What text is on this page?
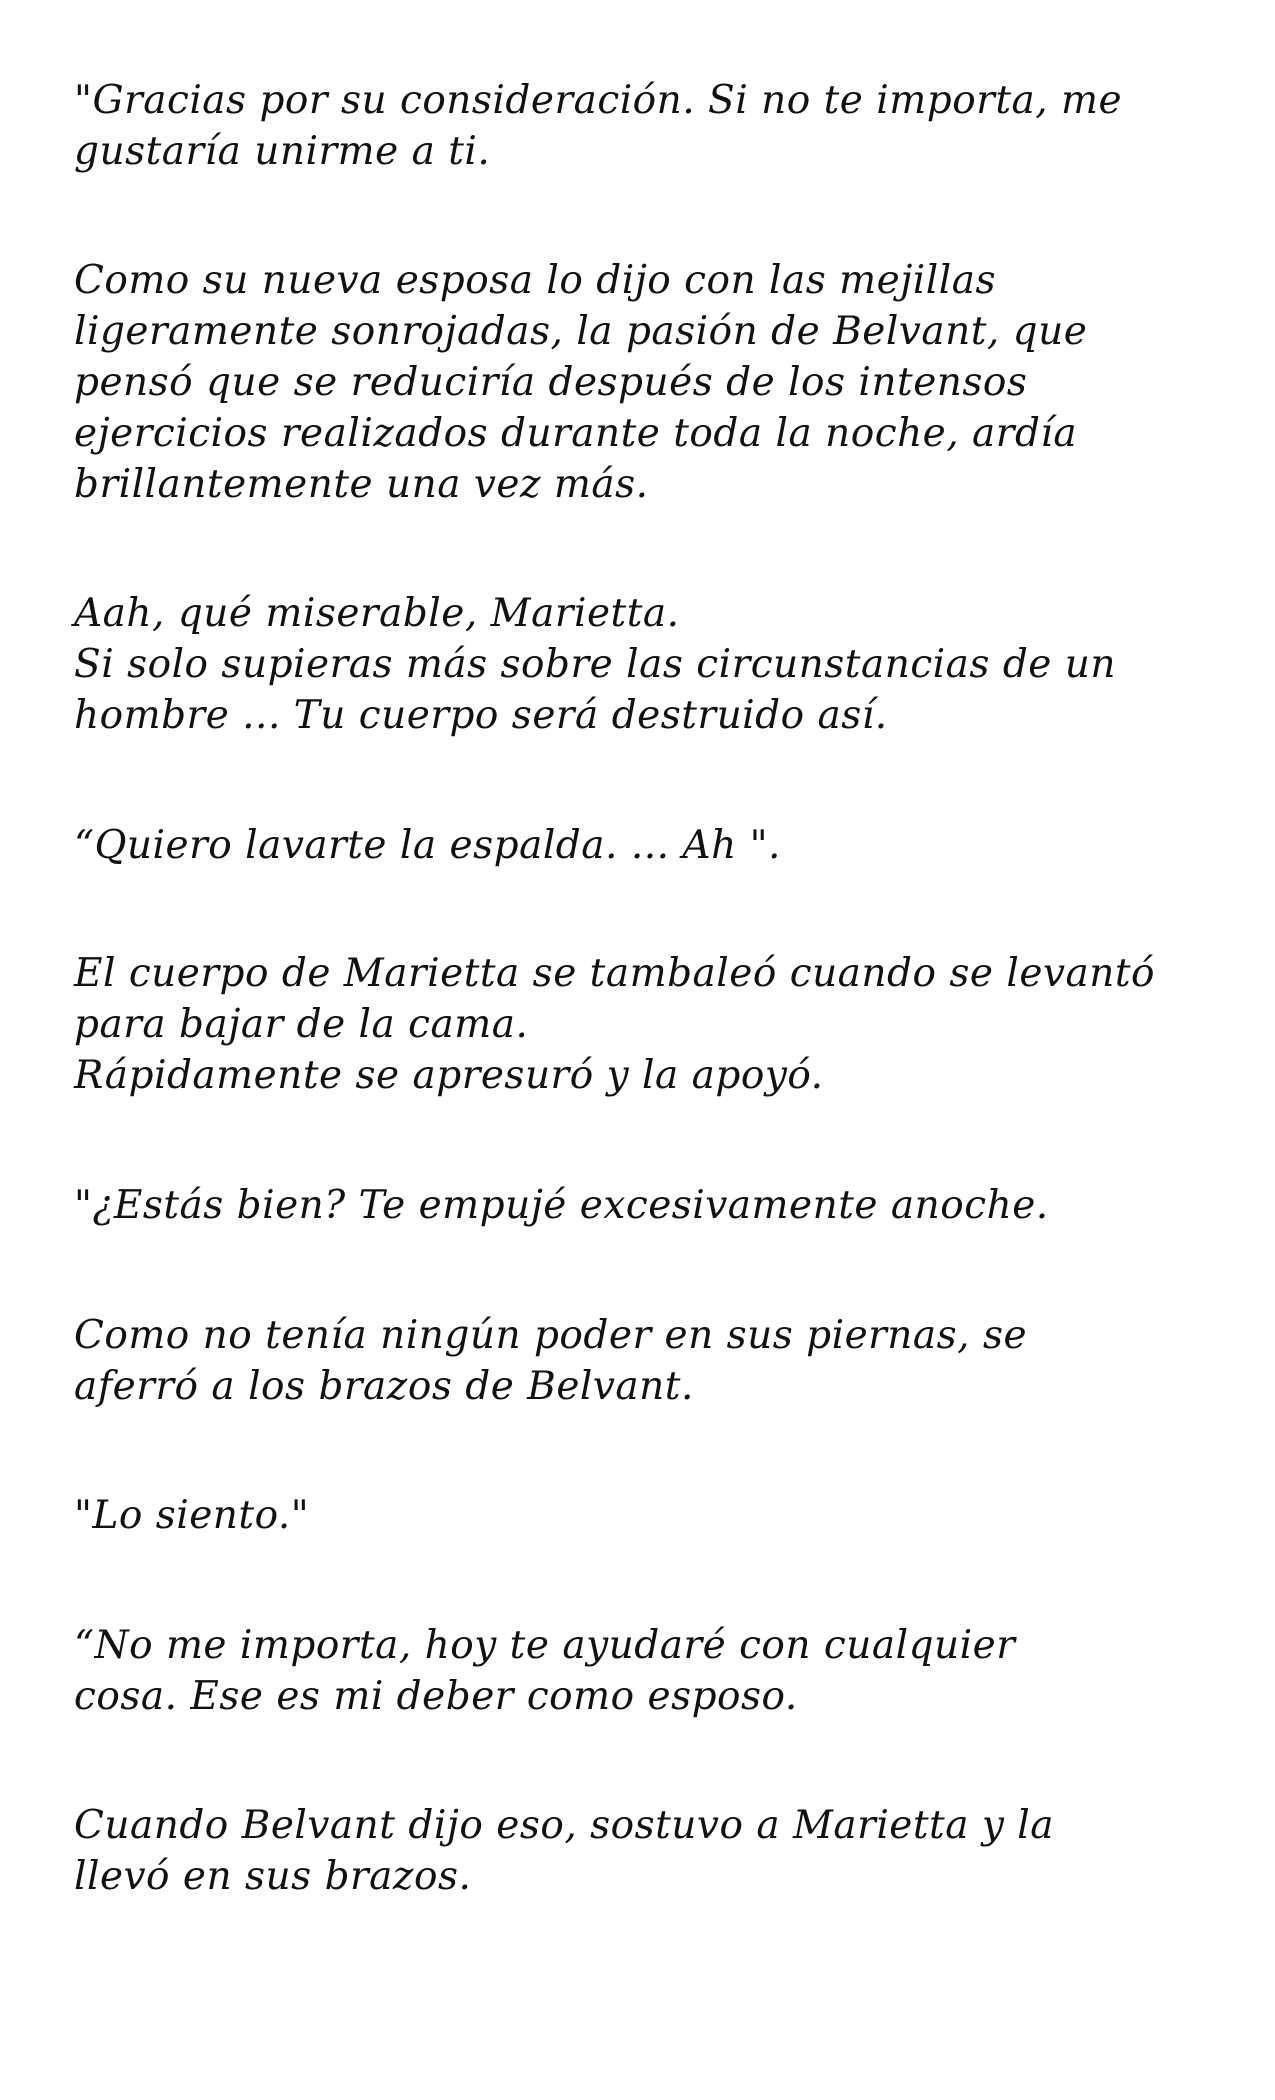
"Gracias por su consideración. Si no te importa, me
gustaría unirme a ti.

Como su nueva esposa lo dijo con las mejillas
ligeramente sonrojadas, la pasión de Belvant, que
pensó que se reduciría después de los intensos
ejercicios realizados durante toda la noche, ardía
brillantemente una vez más.

Aah, qué miserable, Marietta.
Si solo supieras más sobre las circunstancias de un
hombre ... Tu cuerpo será destruido así.

“Quiero lavarte la espalda. ... Ah ".

El cuerpo de Marietta se tambaleó cuando se levantó
para bajar de la cama.
Rápidamente se apresuró y la apoyó.

"¿Estás bien? Te empujé excesivamente anoche.

Como no tenía ningún poder en sus piernas, se
aferró a los brazos de Belvant.

"Lo siento."

“No me importa, hoy te ayudaré con cualquier
cosa. Ese es mi deber como esposo.

Cuando Belvant dijo eso, sostuvo a Marietta y la
llevó en sus brazos.
